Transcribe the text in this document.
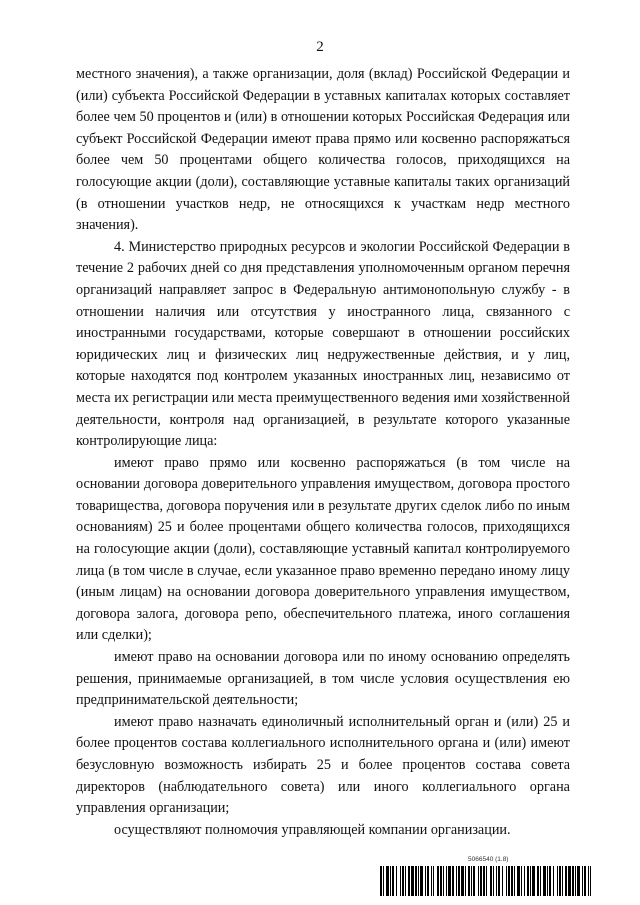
2

местного значения), а также организации, доля (вклад) Российской Федерации и (или) субъекта Российской Федерации в уставных капиталах которых составляет более чем 50 процентов и (или) в отношении которых Российская Федерация или субъект Российской Федерации имеют права прямо или косвенно распоряжаться более чем 50 процентами общего количества голосов, приходящихся на голосующие акции (доли), составляющие уставные капиталы таких организаций (в отношении участков недр, не относящихся к участкам недр местного значения).

4. Министерство природных ресурсов и экологии Российской Федерации в течение 2 рабочих дней со дня представления уполномоченным органом перечня организаций направляет запрос в Федеральную антимонопольную службу - в отношении наличия или отсутствия у иностранного лица, связанного с иностранными государствами, которые совершают в отношении российских юридических лиц и физических лиц недружественные действия, и у лиц, которые находятся под контролем указанных иностранных лиц, независимо от места их регистрации или места преимущественного ведения ими хозяйственной деятельности, контроля над организацией, в результате которого указанные контролирующие лица:

имеют право прямо или косвенно распоряжаться (в том числе на основании договора доверительного управления имуществом, договора простого товарищества, договора поручения или в результате других сделок либо по иным основаниям) 25 и более процентами общего количества голосов, приходящихся на голосующие акции (доли), составляющие уставный капитал контролируемого лица (в том числе в случае, если указанное право временно передано иному лицу (иным лицам) на основании договора доверительного управления имуществом, договора залога, договора репо, обеспечительного платежа, иного соглашения или сделки);

имеют право на основании договора или по иному основанию определять решения, принимаемые организацией, в том числе условия осуществления ею предпринимательской деятельности;

имеют право назначать единоличный исполнительный орган и (или) 25 и более процентов состава коллегиального исполнительного органа и (или) имеют безусловную возможность избирать 25 и более процентов состава совета директоров (наблюдательного совета) или иного коллегиального органа управления организации;

осуществляют полномочия управляющей компании организации.

5066540 (1.8)
